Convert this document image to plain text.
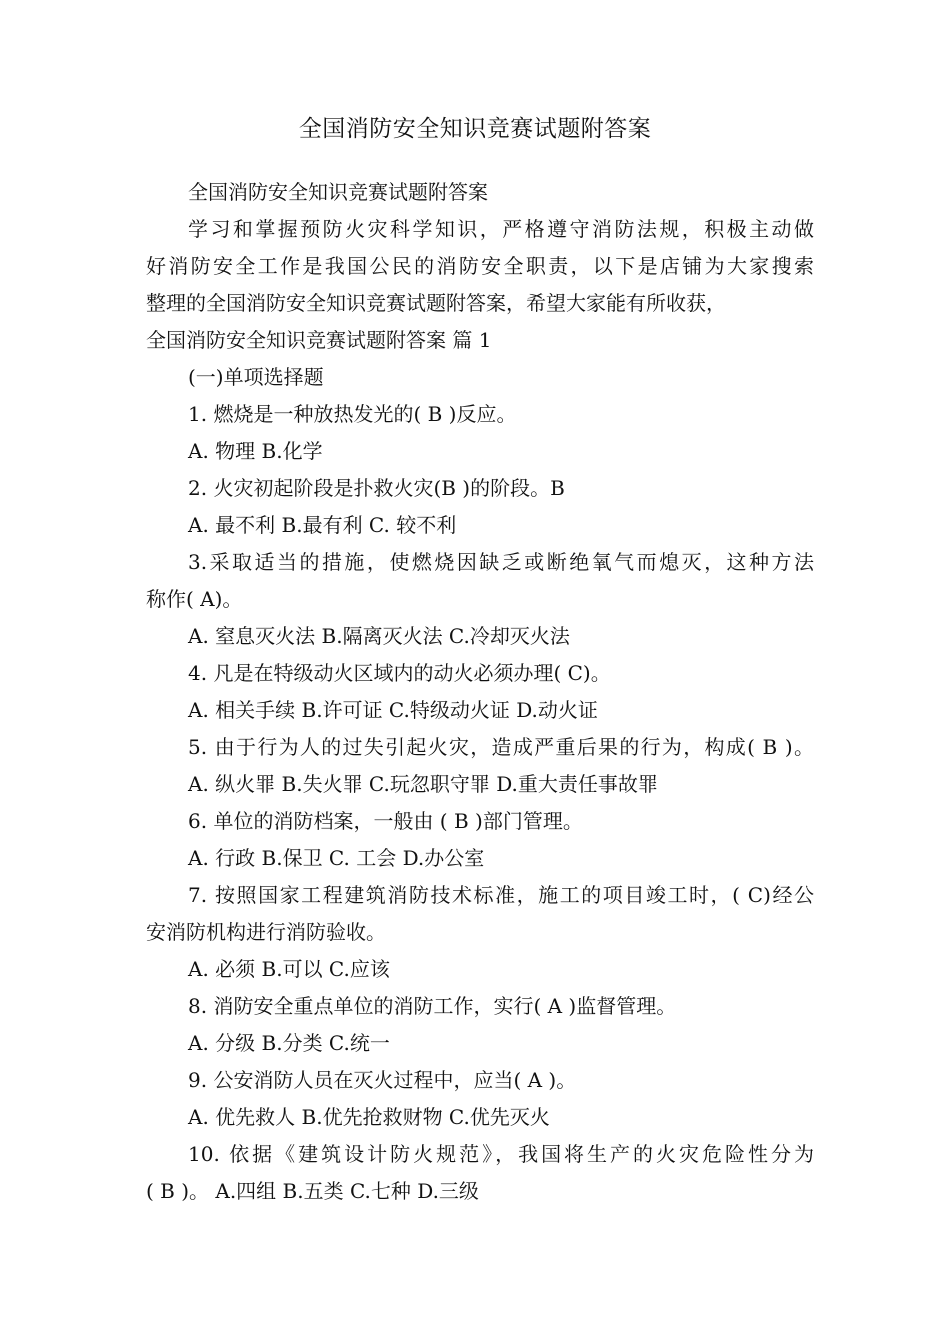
全国消防安全知识竞赛试题附答案
全国消防安全知识竞赛试题附答案
学习和掌握预防火灾科学知识，严格遵守消防法规，积极主动做
好消防安全工作是我国公民的消防安全职责，以下是店铺为大家搜索
整理的全国消防安全知识竞赛试题附答案，希望大家能有所收获，
全国消防安全知识竞赛试题附答案 篇 1
(一)单项选择题
1. 燃烧是一种放热发光的( B )反应。
A. 物理 B.化学
2. 火灾初起阶段是扑救火灾(B )的阶段。B
A. 最不利 B.最有利 C. 较不利
3.采取适当的措施，使燃烧因缺乏或断绝氧气而熄灭，这种方法
称作( A)。
A. 窒息灭火法 B.隔离灭火法 C.冷却灭火法
4. 凡是在特级动火区域内的动火必须办理( C)。
A. 相关手续 B.许可证 C.特级动火证 D.动火证
5. 由于行为人的过失引起火灾，造成严重后果的行为，构成( B )。
A. 纵火罪 B.失火罪 C.玩忽职守罪 D.重大责任事故罪
6. 单位的消防档案，一般由 ( B )部门管理。
A. 行政 B.保卫 C. 工会 D.办公室
7. 按照国家工程建筑消防技术标准，施工的项目竣工时，( C)经公
安消防机构进行消防验收。
A. 必须 B.可以 C.应该
8. 消防安全重点单位的消防工作，实行( A )监督管理。
A. 分级 B.分类 C.统一
9. 公安消防人员在灭火过程中，应当( A )。
A. 优先救人 B.优先抢救财物 C.优先灭火
10. 依据《建筑设计防火规范》，我国将生产的火灾危险性分为
( B )。 A.四组 B.五类 C.七种 D.三级
